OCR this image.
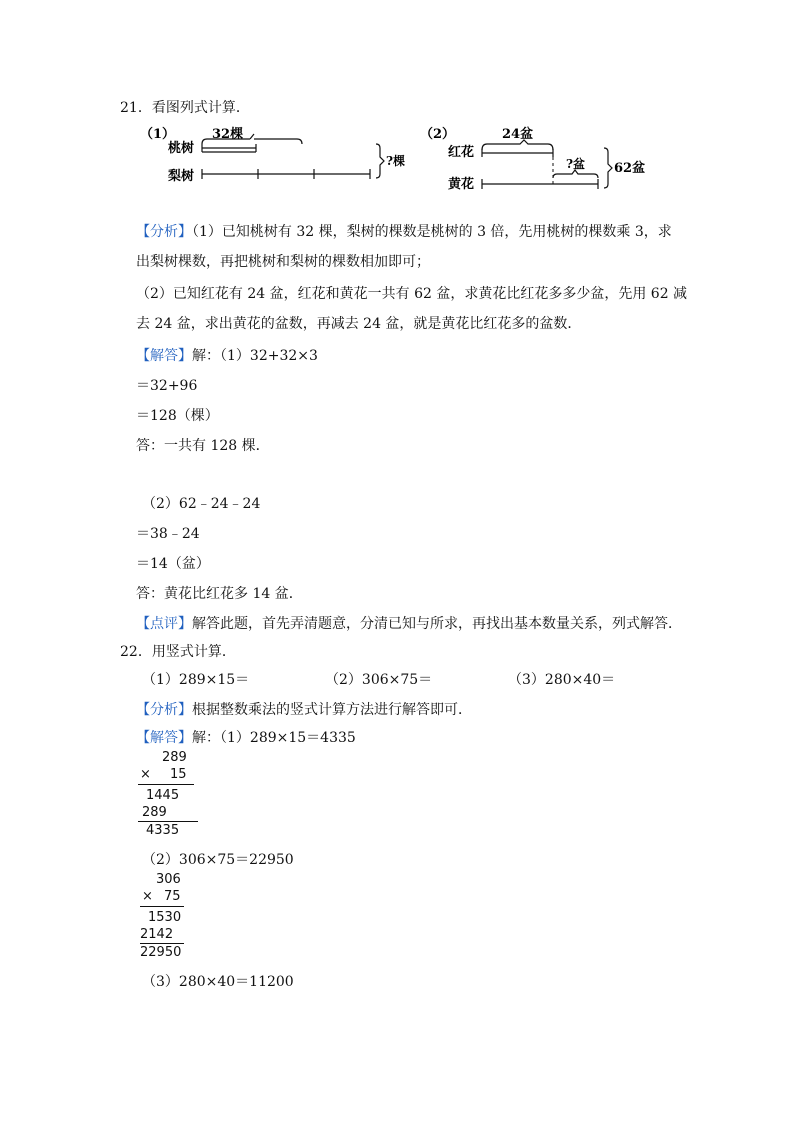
21．看图列式计算．
（1）
桃树
梨树
32棵
?棵
（2）
红花
黄花
24盆
?盆 62盆
【分析】（1）已知桃树有 32 棵，梨树的棵数是桃树的 3 倍，先用桃树的棵数乘 3，求
出梨树棵数，再把桃树和梨树的棵数相加即可；
（2）已知红花有 24 盆，红花和黄花一共有 62 盆，求黄花比红花多多少盆，先用 62 减
去 24 盆，求出黄花的盆数，再减去 24 盆，就是黄花比红花多的盆数．
【解答】解：（1）32+32×3
＝32+96
＝128（棵）
答：一共有 128 棵．
（2）62﹣24﹣24
＝38﹣24
＝14（盆）
答：黄花比红花多 14 盆．
【点评】解答此题，首先弄清题意，分清已知与所求，再找出基本数量关系，列式解答．
22．用竖式计算．
（1）289×15＝	（2）306×75＝	（3）280×40＝
【分析】根据整数乘法的竖式计算方法进行解答即可．
【解答】解：（1）289×15＝4335
289
× 15
1445
289
4335
（2）306×75＝22950
306
× 75
1530
2142
22950
（3）280×40＝11200
